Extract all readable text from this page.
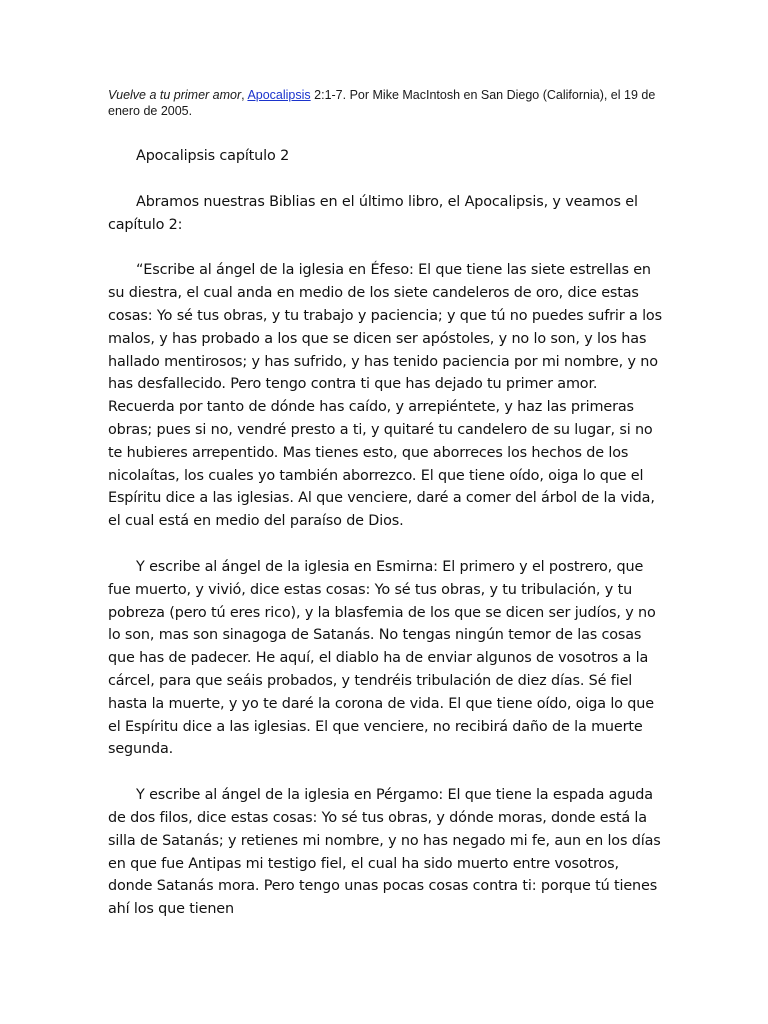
Vuelve a tu primer amor, Apocalipsis 2:1-7. Por Mike MacIntosh en San Diego (California), el 19 de enero de 2005.

Apocalipsis capítulo 2

Abramos nuestras Biblias en el último libro, el Apocalipsis, y veamos el capítulo 2:

“Escribe al ángel de la iglesia en Éfeso: El que tiene las siete estrellas en su diestra, el cual anda en medio de los siete candeleros de oro, dice estas cosas: Yo sé tus obras, y tu trabajo y paciencia; y que tú no puedes sufrir a los malos, y has probado a los que se dicen ser apóstoles, y no lo son, y los has hallado mentirosos; y has sufrido, y has tenido paciencia por mi nombre, y no has desfallecido. Pero tengo contra ti que has dejado tu primer amor. Recuerda por tanto de dónde has caído, y arrepiéntete, y haz las primeras obras; pues si no, vendré presto a ti, y quitaré tu candelero de su lugar, si no te hubieres arrepentido. Mas tienes esto, que aborreces los hechos de los nicolaítas, los cuales yo también aborrezco. El que tiene oído, oiga lo que el Espíritu dice a las iglesias. Al que venciere, daré a comer del árbol de la vida, el cual está en medio del paraíso de Dios.

Y escribe al ángel de la iglesia en Esmirna: El primero y el postrero, que fue muerto, y vivió, dice estas cosas: Yo sé tus obras, y tu tribulación, y tu pobreza (pero tú eres rico), y la blasfemia de los que se dicen ser judíos, y no lo son, mas son sinagoga de Satanás. No tengas ningún temor de las cosas que has de padecer. He aquí, el diablo ha de enviar algunos de vosotros a la cárcel, para que seáis probados, y tendréis tribulación de diez días. Sé fiel hasta la muerte, y yo te daré la corona de vida. El que tiene oído, oiga lo que el Espíritu dice a las iglesias. El que venciere, no recibirá daño de la muerte segunda.

Y escribe al ángel de la iglesia en Pérgamo: El que tiene la espada aguda de dos filos, dice estas cosas: Yo sé tus obras, y dónde moras, donde está la silla de Satanás; y retienes mi nombre, y no has negado mi fe, aun en los días en que fue Antipas mi testigo fiel, el cual ha sido muerto entre vosotros, donde Satanás mora. Pero tengo unas pocas cosas contra ti: porque tú tienes ahí los que tienen
